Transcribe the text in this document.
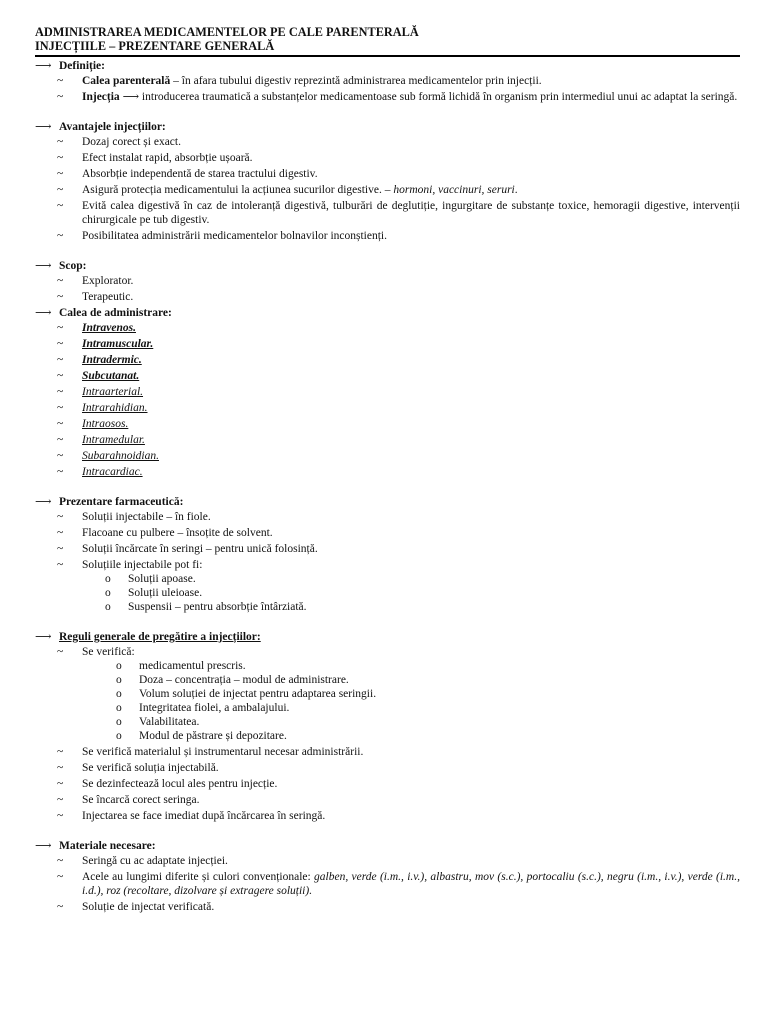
ADMINISTRAREA MEDICAMENTELOR PE CALE PARENTERALĂ
INJECȚIILE – PREZENTARE GENERALĂ
⟶ Definiție:
~	Calea parenterală – în afara tubului digestiv reprezintă administrarea medicamentelor prin injecții.
~	Injecția ⟶ introducerea traumatică a substanțelor medicamentoase sub formă lichidă în organism prin intermediul unui ac adaptat la seringă.
⟶ Avantajele injecțiilor:
~	Dozaj corect și exact.
~	Efect instalat rapid, absorbție ușoară.
~	Absorbție independentă de starea tractului digestiv.
~	Asigură protecția medicamentului la acțiunea sucurilor digestive. – hormoni, vaccinuri, seruri.
~	Evită calea digestivă în caz de intoleranță digestivă, tulburări de deglutiție, ingurgitare de substanțe toxice, hemoragii digestive, intervenții chirurgicale pe tub digestiv.
~	Posibilitatea administrării medicamentelor bolnavilor inconștienți.
⟶ Scop:
~	Explorator.
~	Terapeutic.
⟶ Calea de administrare:
~	Intravenos.
~	Intramuscular.
~	Intradermic.
~	Subcutanat.
~	Intraarterial.
~	Intrarahidian.
~	Intraosos.
~	Intramedular.
~	Subarahnoidian.
~	Intracardiac.
⟶ Prezentare farmaceutică:
~	Soluții injectabile – în fiole.
~	Flacoane cu pulbere – însoțite de solvent.
~	Soluții încărcate în seringi – pentru unică folosință.
~	Soluțiile injectabile pot fi:
o	Soluții apoase.
o	Soluții uleioase.
o	Suspensii – pentru absorbție întârziată.
⟶ Reguli generale de pregătire a injecțiilor:
~	Se verifică:
o	medicamentul prescris.
o	Doza – concentrația – modul de administrare.
o	Volum soluției de injectat pentru adaptarea seringii.
o	Integritatea fiolei, a ambalajului.
o	Valabilitatea.
o	Modul de păstrare și depozitare.
~	Se verifică materialul și instrumentarul necesar administrării.
~	Se verifică soluția injectabilă.
~	Se dezinfectează locul ales pentru injecție.
~	Se încarcă corect seringa.
~	Injectarea se face imediat după încărcarea în seringă.
⟶ Materiale necesare:
~	Seringă cu ac adaptate injecției.
~	Acele au lungimi diferite și culori convenționale: galben, verde (i.m., i.v.), albastru, mov (s.c.), portocaliu (s.c.), negru (i.m., i.v.), verde (i.m., i.d.), roz (recoltare, dizolvare și extragere soluții).
~	Soluție de injectat verificată.
